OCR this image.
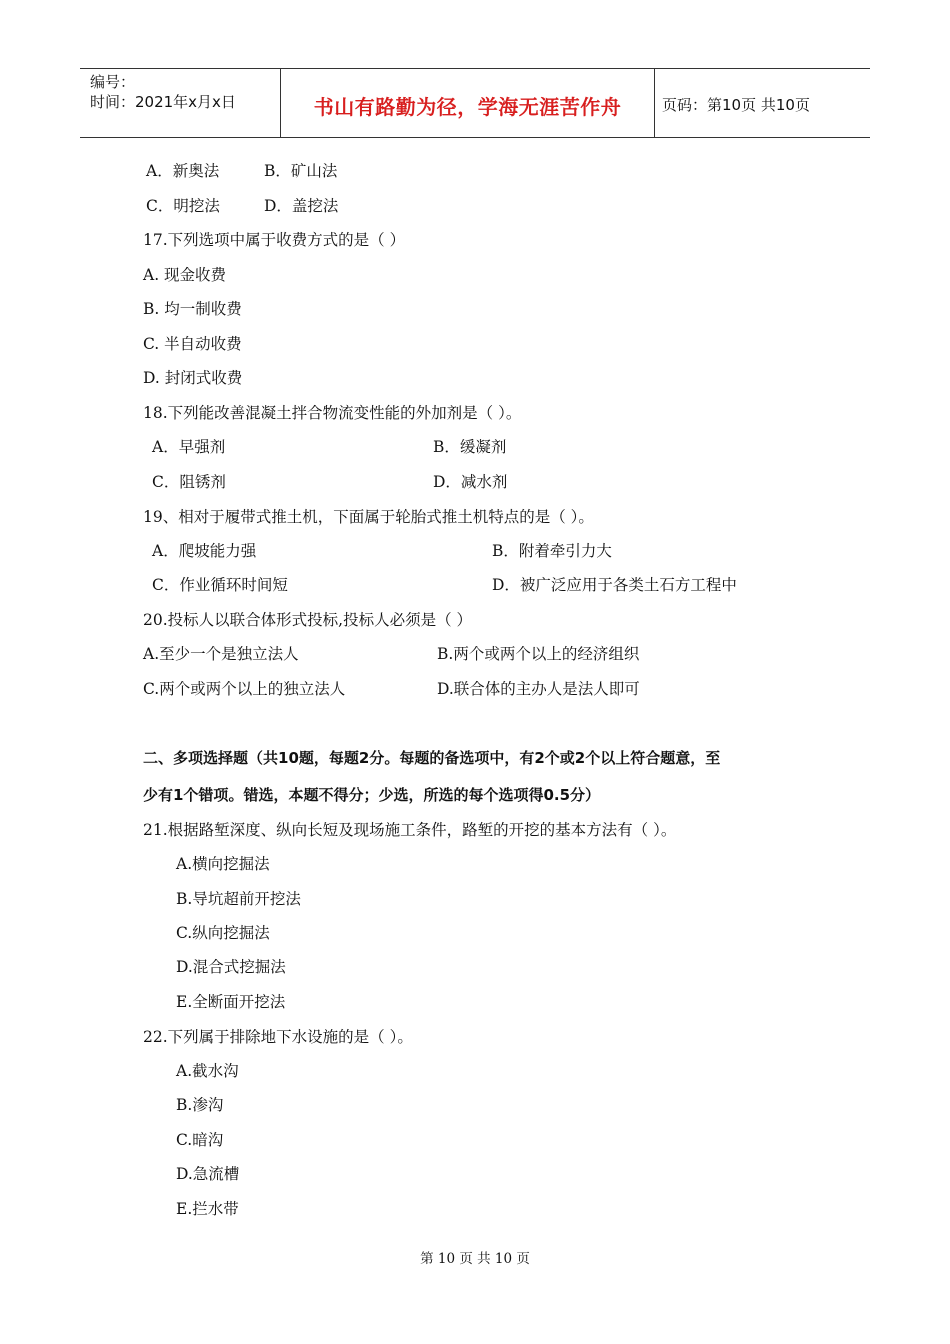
编号：
时间：2021年x月x日	书山有路勤为径，学海无涯苦作舟	页码：第10页 共10页
A．新奥法	B．矿山法
C．明挖法	D．盖挖法
17.下列选项中属于收费方式的是（ ）
A. 现金收费
B. 均一制收费
C. 半自动收费
D. 封闭式收费
18.下列能改善混凝土拌合物流变性能的外加剂是（ ）。
A．早强剂	B．缓凝剂
C．阻锈剂	D．减水剂
19、相对于履带式推土机，下面属于轮胎式推土机特点的是（ ）。
A．爬坡能力强	B．附着牵引力大
C．作业循环时间短	D．被广泛应用于各类土石方工程中
20.投标人以联合体形式投标,投标人必须是（ ）
A.至少一个是独立法人	B.两个或两个以上的经济组织
C.两个或两个以上的独立法人	D.联合体的主办人是法人即可
二、多项选择题（共10题，每题2分。每题的备选项中，有2个或2个以上符合题意，至
少有1个错项。错选，本题不得分；少选，所选的每个选项得0.5分）
21.根据路堑深度、纵向长短及现场施工条件，路堑的开挖的基本方法有（ ）。
A.横向挖掘法
B.导坑超前开挖法
C.纵向挖掘法
D.混合式挖掘法
E.全断面开挖法
22.下列属于排除地下水设施的是（ ）。
A.截水沟
B.渗沟
C.暗沟
D.急流槽
E.拦水带
第 10 页 共 10 页
